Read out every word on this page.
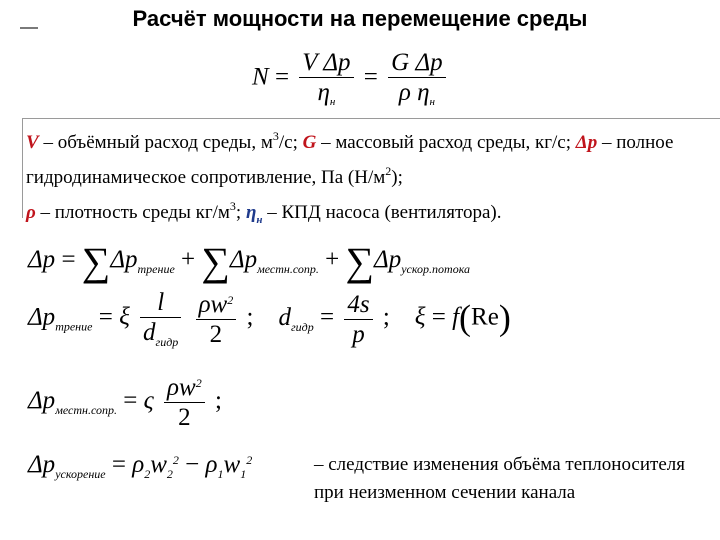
Расчёт мощности на перемещение среды
$N = \frac{\text{V Δp}}{\eta_н} = \frac{\text{G Δp}}{\rho \eta_н}$
V – объёмный расход среды, $м^3/с$; G – массовый расход среды, кг/с; Δp – полное гидродинамическое сопротивление, Па $(Н/м^2)$;
ρ – плотность среды $кг/м^3$; $\eta_н$ – КПД насоса (вентилятора).
$\Delta p = \sum\Delta p_{трение} + \sum\Delta p_{местн.сопр.} + \sum\Delta p_{ускор.потока}$
$\Delta p_{трение} = \xi \frac{l}{d_{гидр}}$
$\frac{\rho w^2}{2}$ ; $d_{гидр} = \frac{4s}{p}$ ; ξ = f(Re)
$\Delta p_{местн.сопр.} = \varsigma \frac{\rho w^2}{2}$ ;
$\Delta p_{ускорение} = \rho_2w_2^2 - \rho_1w_1^2$	– следствие изменения объёма теплоносителя при неизменном сечении канала
